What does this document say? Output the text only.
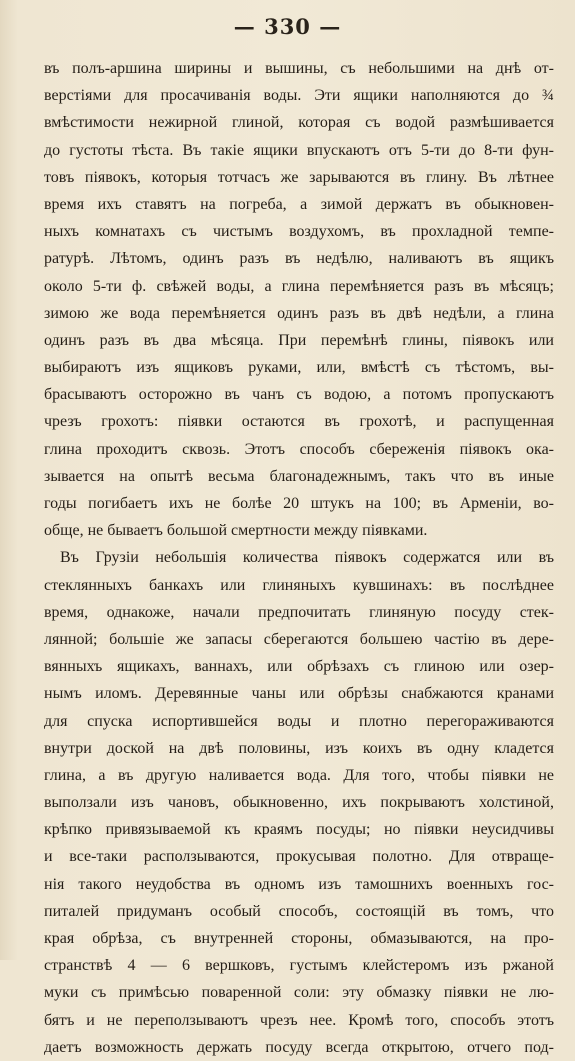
— 330 —
въ полъ-аршина ширины и вышины, съ небольшими на днѣ от-
верстіями для просачиванія воды. Эти ящики наполняются до ¾
вмѣстимости нежирной глиной, которая съ водой размѣшивается
до густоты тѣста. Въ такіе ящики впускаютъ отъ 5-ти до 8-ти фун-
товъ піявокъ, которыя тотчасъ же зарываются въ глину. Въ лѣтнее
время ихъ ставятъ на погреба, а зимой держатъ въ обыкновен-
ныхъ комнатахъ съ чистымъ воздухомъ, въ прохладной темпе-
ратурѣ. Лѣтомъ, одинъ разъ въ недѣлю, наливаютъ въ ящикъ
около 5-ти ф. свѣжей воды, а глина перемѣняется разъ въ мѣсяцъ;
зимою же вода перемѣняется одинъ разъ въ двѣ недѣли, а глина
одинъ разъ въ два мѣсяца. При перемѣнѣ глины, піявокъ или
выбираютъ изъ ящиковъ руками, или, вмѣстѣ съ тѣстомъ, вы-
брасываютъ осторожно въ чанъ съ водою, а потомъ пропускаютъ
чрезъ грохотъ: піявки остаются въ грохотѣ, и распущенная
глина проходитъ сквозь. Этотъ способъ сбереженія піявокъ ока-
зывается на опытѣ весьма благонадежнымъ, такъ что въ иные
годы погибаетъ ихъ не болѣе 20 штукъ на 100; въ Арменіи, во-
обще, не бываетъ большой смертности между піявками.
Въ Грузіи небольшія количества піявокъ содержатся или въ
стеклянныхъ банкахъ или глиняныхъ кувшинахъ: въ послѣднее
время, однакоже, начали предпочитать глиняную посуду стек-
лянной; большіе же запасы сберегаются большею частію въ дере-
вянныхъ ящикахъ, ваннахъ, или обрѣзахъ съ глиною или озер-
нымъ иломъ. Деревянные чаны или обрѣзы снабжаются кранами
для спуска испортившейся воды и плотно перегораживаются
внутри доской на двѣ половины, изъ коихъ въ одну кладется
глина, а въ другую наливается вода. Для того, чтобы піявки не
выползали изъ чановъ, обыкновенно, ихъ покрываютъ холстиной,
крѣпко привязываемой къ краямъ посуды; но піявки неусидчивы
и все-таки расползываются, прокусывая полотно. Для отвраще-
нія такого неудобства въ одномъ изъ тамошнихъ военныхъ гос-
питалей придуманъ особый способъ, состоящій въ томъ, что
края обрѣза, съ внутренней стороны, обмазываются, на про-
странствѣ 4 — 6 вершковъ, густымъ клейстеромъ изъ ржаной
муки съ примѣсью поваренной соли: эту обмазку піявки не лю-
бятъ и не переползываютъ чрезъ нее. Кромѣ того, способъ этотъ
даетъ возможность держать посуду всегда открытою, отчего под-
